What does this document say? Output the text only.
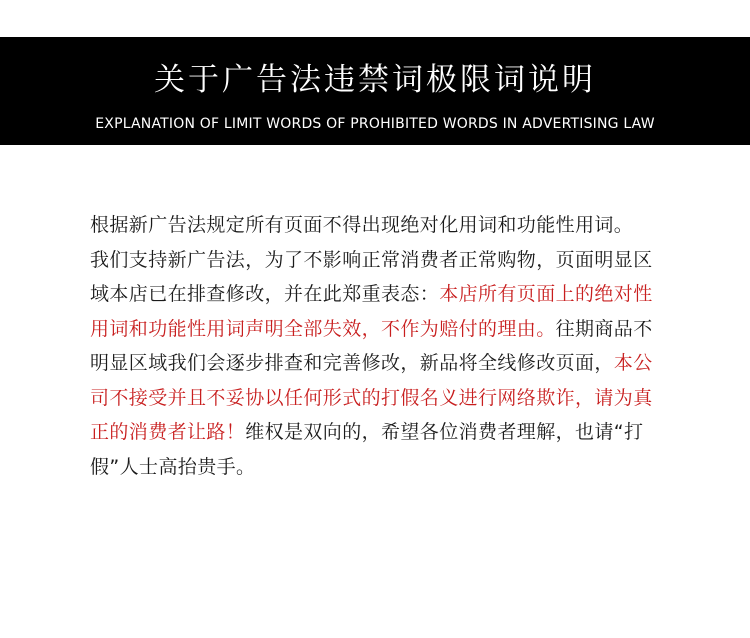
关于广告法违禁词极限词说明
EXPLANATION OF LIMIT WORDS OF PROHIBITED WORDS IN ADVERTISING LAW
根据新广告法规定所有页面不得出现绝对化用词和功能性用词。
我们支持新广告法，为了不影响正常消费者正常购物，页面明显区
域本店已在排查修改，并在此郑重表态：本店所有页面上的绝对性
用词和功能性用词声明全部失效，不作为赔付的理由。往期商品不
明显区域我们会逐步排查和完善修改，新品将全线修改页面，本公
司不接受并且不妥协以任何形式的打假名义进行网络欺诈，请为真
正的消费者让路！维权是双向的，希望各位消费者理解，也请“打
假”人士高抬贵手。
